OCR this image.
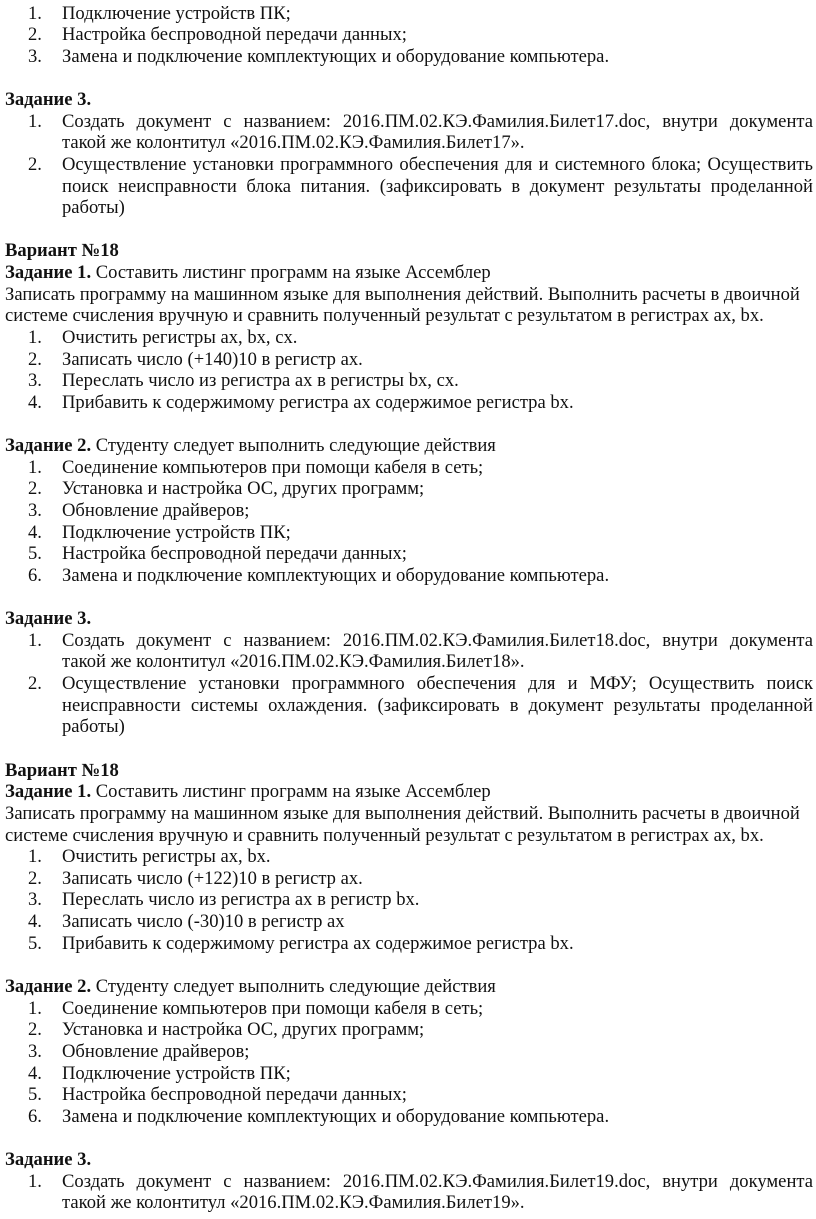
1.	Подключение устройств ПК;
2.	Настройка беспроводной передачи данных;
3.	Замена и подключение комплектующих и оборудование компьютера.
Задание 3.
1.	Создать документ с названием: 2016.ПМ.02.КЭ.Фамилия.Билет17.doc, внутри документа
такой же колонтитул «2016.ПМ.02.КЭ.Фамилия.Билет17».
2.	Осуществление установки программного обеспечения для и системного блока; Осуществить
поиск неисправности блока питания. (зафиксировать в документ результаты проделанной
работы)
Вариант №18
Задание 1. Составить листинг программ на языке Ассемблер
Записать программу на машинном языке для выполнения действий. Выполнить расчеты в двоичной
системе счисления вручную и сравнить полученный результат с результатом в регистрах ax, bx.
1.	Очистить регистры ax, bx, cx.
2.	Записать число (+140)10 в регистр ax.
3.	Переслать число из регистра ax в регистры bx, cx.
4.	Прибавить к содержимому регистра ax содержимое регистра bx.
Задание 2. Студенту следует выполнить следующие действия
1.	Соединение компьютеров при помощи кабеля в сеть;
2.	Установка и настройка ОС, других программ;
3.	Обновление драйверов;
4.	Подключение устройств ПК;
5.	Настройка беспроводной передачи данных;
6.	Замена и подключение комплектующих и оборудование компьютера.
Задание 3.
1.	Создать документ с названием: 2016.ПМ.02.КЭ.Фамилия.Билет18.doc, внутри документа
такой же колонтитул «2016.ПМ.02.КЭ.Фамилия.Билет18».
2.	Осуществление установки программного обеспечения для и МФУ; Осуществить поиск
неисправности системы охлаждения. (зафиксировать в документ результаты проделанной
работы)
Вариант №18
Задание 1. Составить листинг программ на языке Ассемблер
Записать программу на машинном языке для выполнения действий. Выполнить расчеты в двоичной
системе счисления вручную и сравнить полученный результат с результатом в регистрах ax, bx.
1.	Очистить регистры ax, bx.
2.	Записать число (+122)10 в регистр ax.
3.	Переслать число из регистра ax в регистр bx.
4.	Записать число (-30)10 в регистр ax
5.	Прибавить к содержимому регистра ax содержимое регистра bx.
Задание 2. Студенту следует выполнить следующие действия
1.	Соединение компьютеров при помощи кабеля в сеть;
2.	Установка и настройка ОС, других программ;
3.	Обновление драйверов;
4.	Подключение устройств ПК;
5.	Настройка беспроводной передачи данных;
6.	Замена и подключение комплектующих и оборудование компьютера.
Задание 3.
1.	Создать документ с названием: 2016.ПМ.02.КЭ.Фамилия.Билет19.doc, внутри документа
такой же колонтитул «2016.ПМ.02.КЭ.Фамилия.Билет19».
